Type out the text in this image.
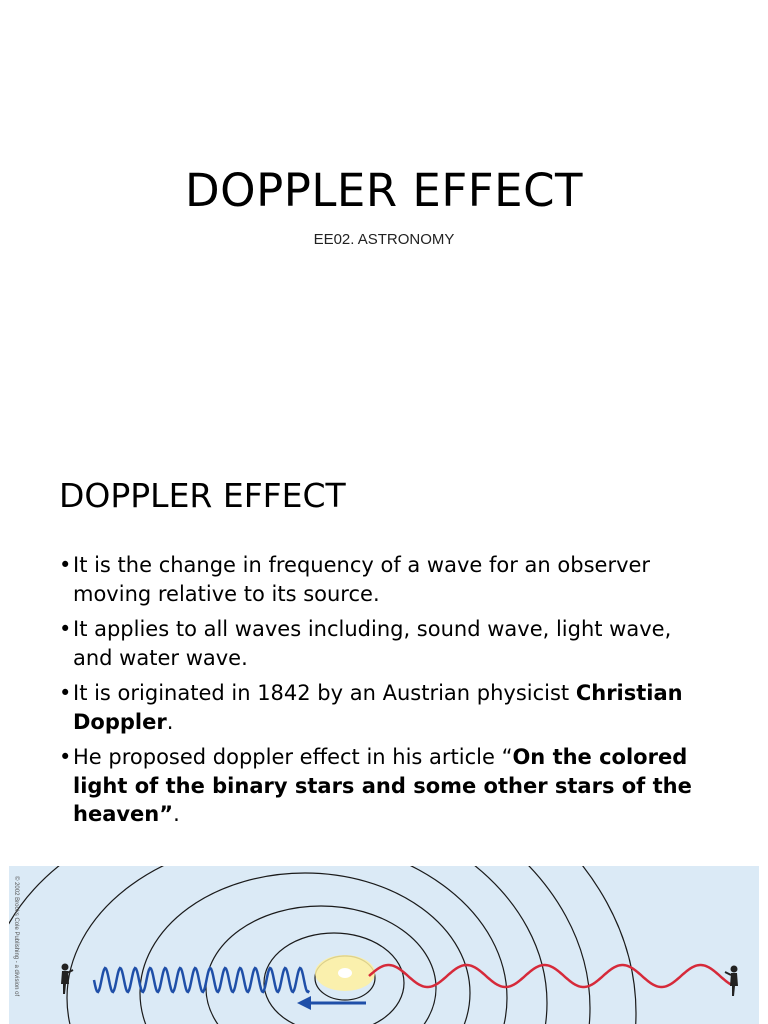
DOPPLER EFFECT
EE02. ASTRONOMY
DOPPLER EFFECT
• It is the change in frequency of a wave for an observer moving relative to its source.
• It applies to all waves including, sound wave, light wave, and water wave.
• It is originated in 1842 by an Austrian physicist Christian Doppler.
• He proposed doppler effect in his article “On the colored light of the binary stars and some other stars of the heaven”.
© 2002 Brooks Cole Publishing - a division of
